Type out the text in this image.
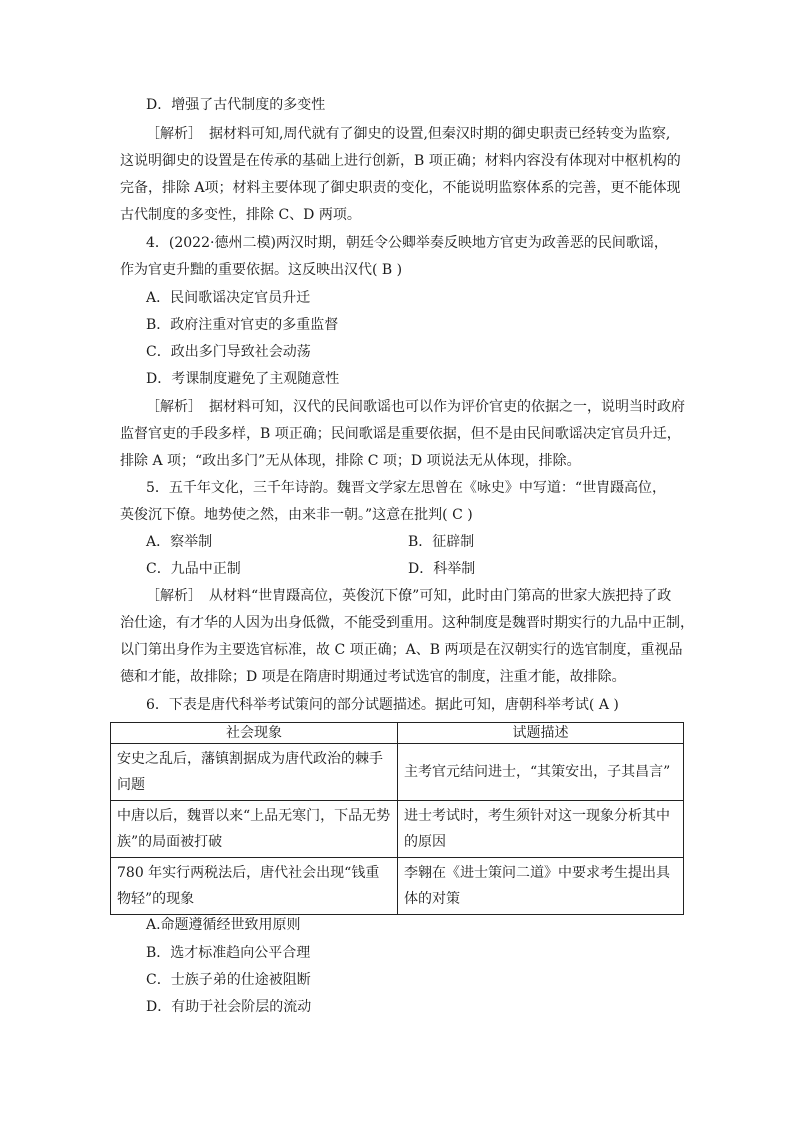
D．增强了古代制度的多变性
［解析］　据材料可知,周代就有了御史的设置,但秦汉时期的御史职责已经转变为监察,
这说明御史的设置是在传承的基础上进行创新，B 项正确；材料内容没有体现对中枢机构的
完备，排除 A项；材料主要体现了御史职责的变化，不能说明监察体系的完善，更不能体现
古代制度的多变性，排除 C、D 两项。
4．(2022·德州二模)两汉时期，朝廷令公卿举奏反映地方官吏为政善恶的民间歌谣，
作为官吏升黜的重要依据。这反映出汉代( B )
A．民间歌谣决定官员升迁
B．政府注重对官吏的多重监督
C．政出多门导致社会动荡
D．考课制度避免了主观随意性
［解析］　据材料可知，汉代的民间歌谣也可以作为评价官吏的依据之一，说明当时政府
监督官吏的手段多样，B 项正确；民间歌谣是重要依据，但不是由民间歌谣决定官员升迁，
排除 A 项；“政出多门”无从体现，排除 C 项；D 项说法无从体现，排除。
5．五千年文化，三千年诗韵。魏晋文学家左思曾在《咏史》中写道：“世胄蹑高位，
英俊沉下僚。地势使之然，由来非一朝。”这意在批判( C )
A．察举制	B．征辟制
C．九品中正制	D．科举制
［解析］　从材料“世胄蹑高位，英俊沉下僚”可知，此时由门第高的世家大族把持了政
治仕途，有才华的人因为出身低微，不能受到重用。这种制度是魏晋时期实行的九品中正制，
以门第出身作为主要选官标准，故 C 项正确；A、B 两项是在汉朝实行的选官制度，重视品
德和才能，故排除；D 项是在隋唐时期通过考试选官的制度，注重才能，故排除。
6．下表是唐代科举考试策问的部分试题描述。据此可知，唐朝科举考试( A )
社会现象	试题描述
安史之乱后，藩镇割据成为唐代政治的棘手问题	主考官元结问进士，“其策安出，子其昌言”
中唐以后，魏晋以来“上品无寒门，下品无势族”的局面被打破	进士考试时，考生须针对这一现象分析其中的原因
780 年实行两税法后，唐代社会出现“钱重物轻”的现象	李翱在《进士策问二道》中要求考生提出具体的对策
A.命题遵循经世致用原则
B．选才标准趋向公平合理
C．士族子弟的仕途被阻断
D．有助于社会阶层的流动
